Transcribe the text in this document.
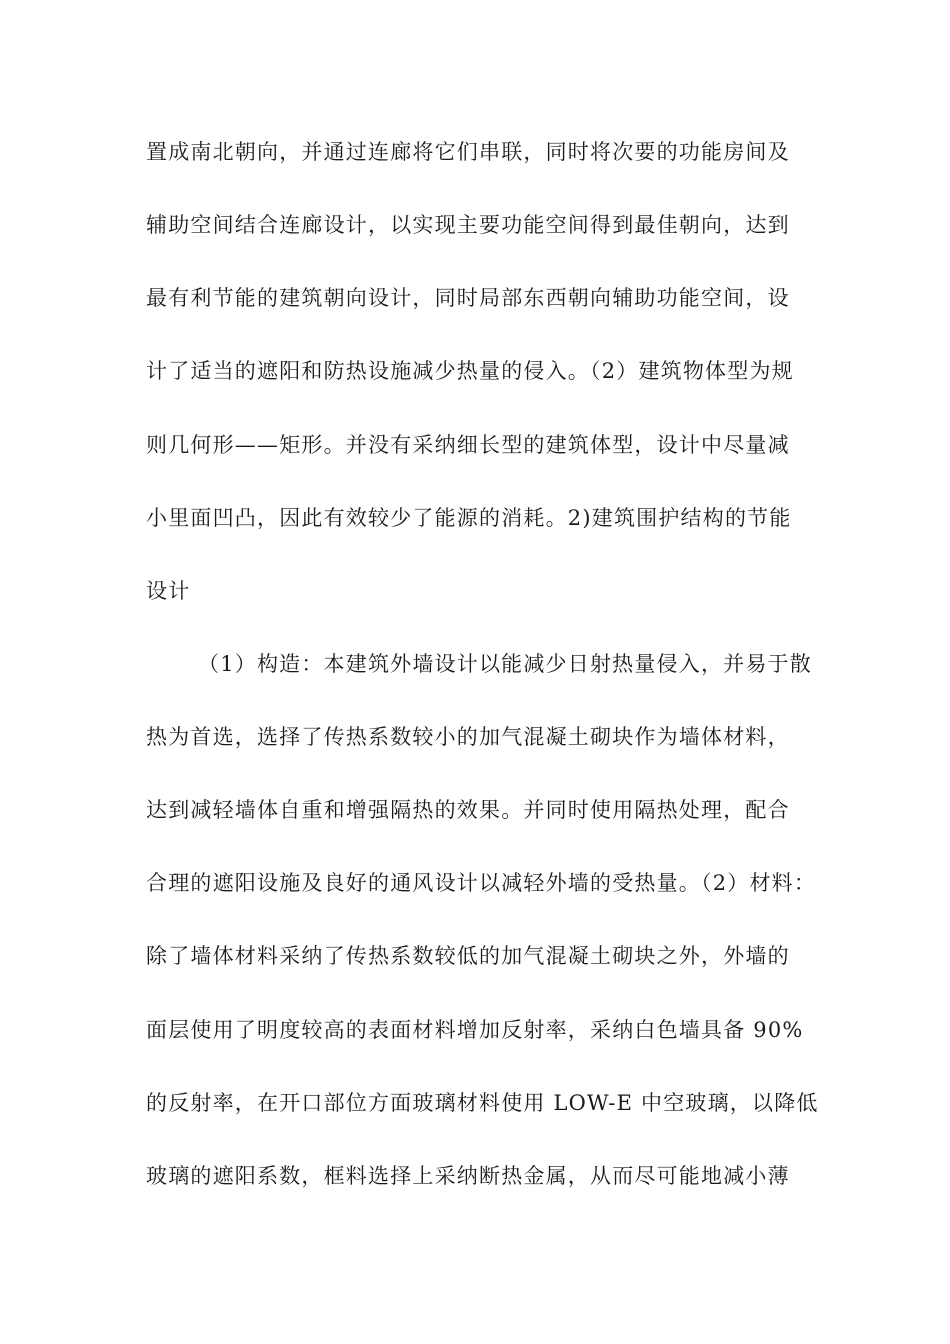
置成南北朝向，并通过连廊将它们串联，同时将次要的功能房间及
辅助空间结合连廊设计，以实现主要功能空间得到最佳朝向，达到
最有利节能的建筑朝向设计，同时局部东西朝向辅助功能空间，设
计了适当的遮阳和防热设施减少热量的侵入。（2）建筑物体型为规
则几何形——矩形。并没有采纳细长型的建筑体型，设计中尽量减
小里面凹凸，因此有效较少了能源的消耗。2)建筑围护结构的节能
设计
（1）构造：本建筑外墙设计以能减少日射热量侵入，并易于散
热为首选，选择了传热系数较小的加气混凝土砌块作为墙体材料，
达到减轻墙体自重和增强隔热的效果。并同时使用隔热处理，配合
合理的遮阳设施及良好的通风设计以减轻外墙的受热量。（2）材料：
除了墙体材料采纳了传热系数较低的加气混凝土砌块之外，外墙的
面层使用了明度较高的表面材料增加反射率，采纳白色墙具备 90%
的反射率，在开口部位方面玻璃材料使用 LOW-E 中空玻璃，以降低
玻璃的遮阳系数，框料选择上采纳断热金属，从而尽可能地减小薄
